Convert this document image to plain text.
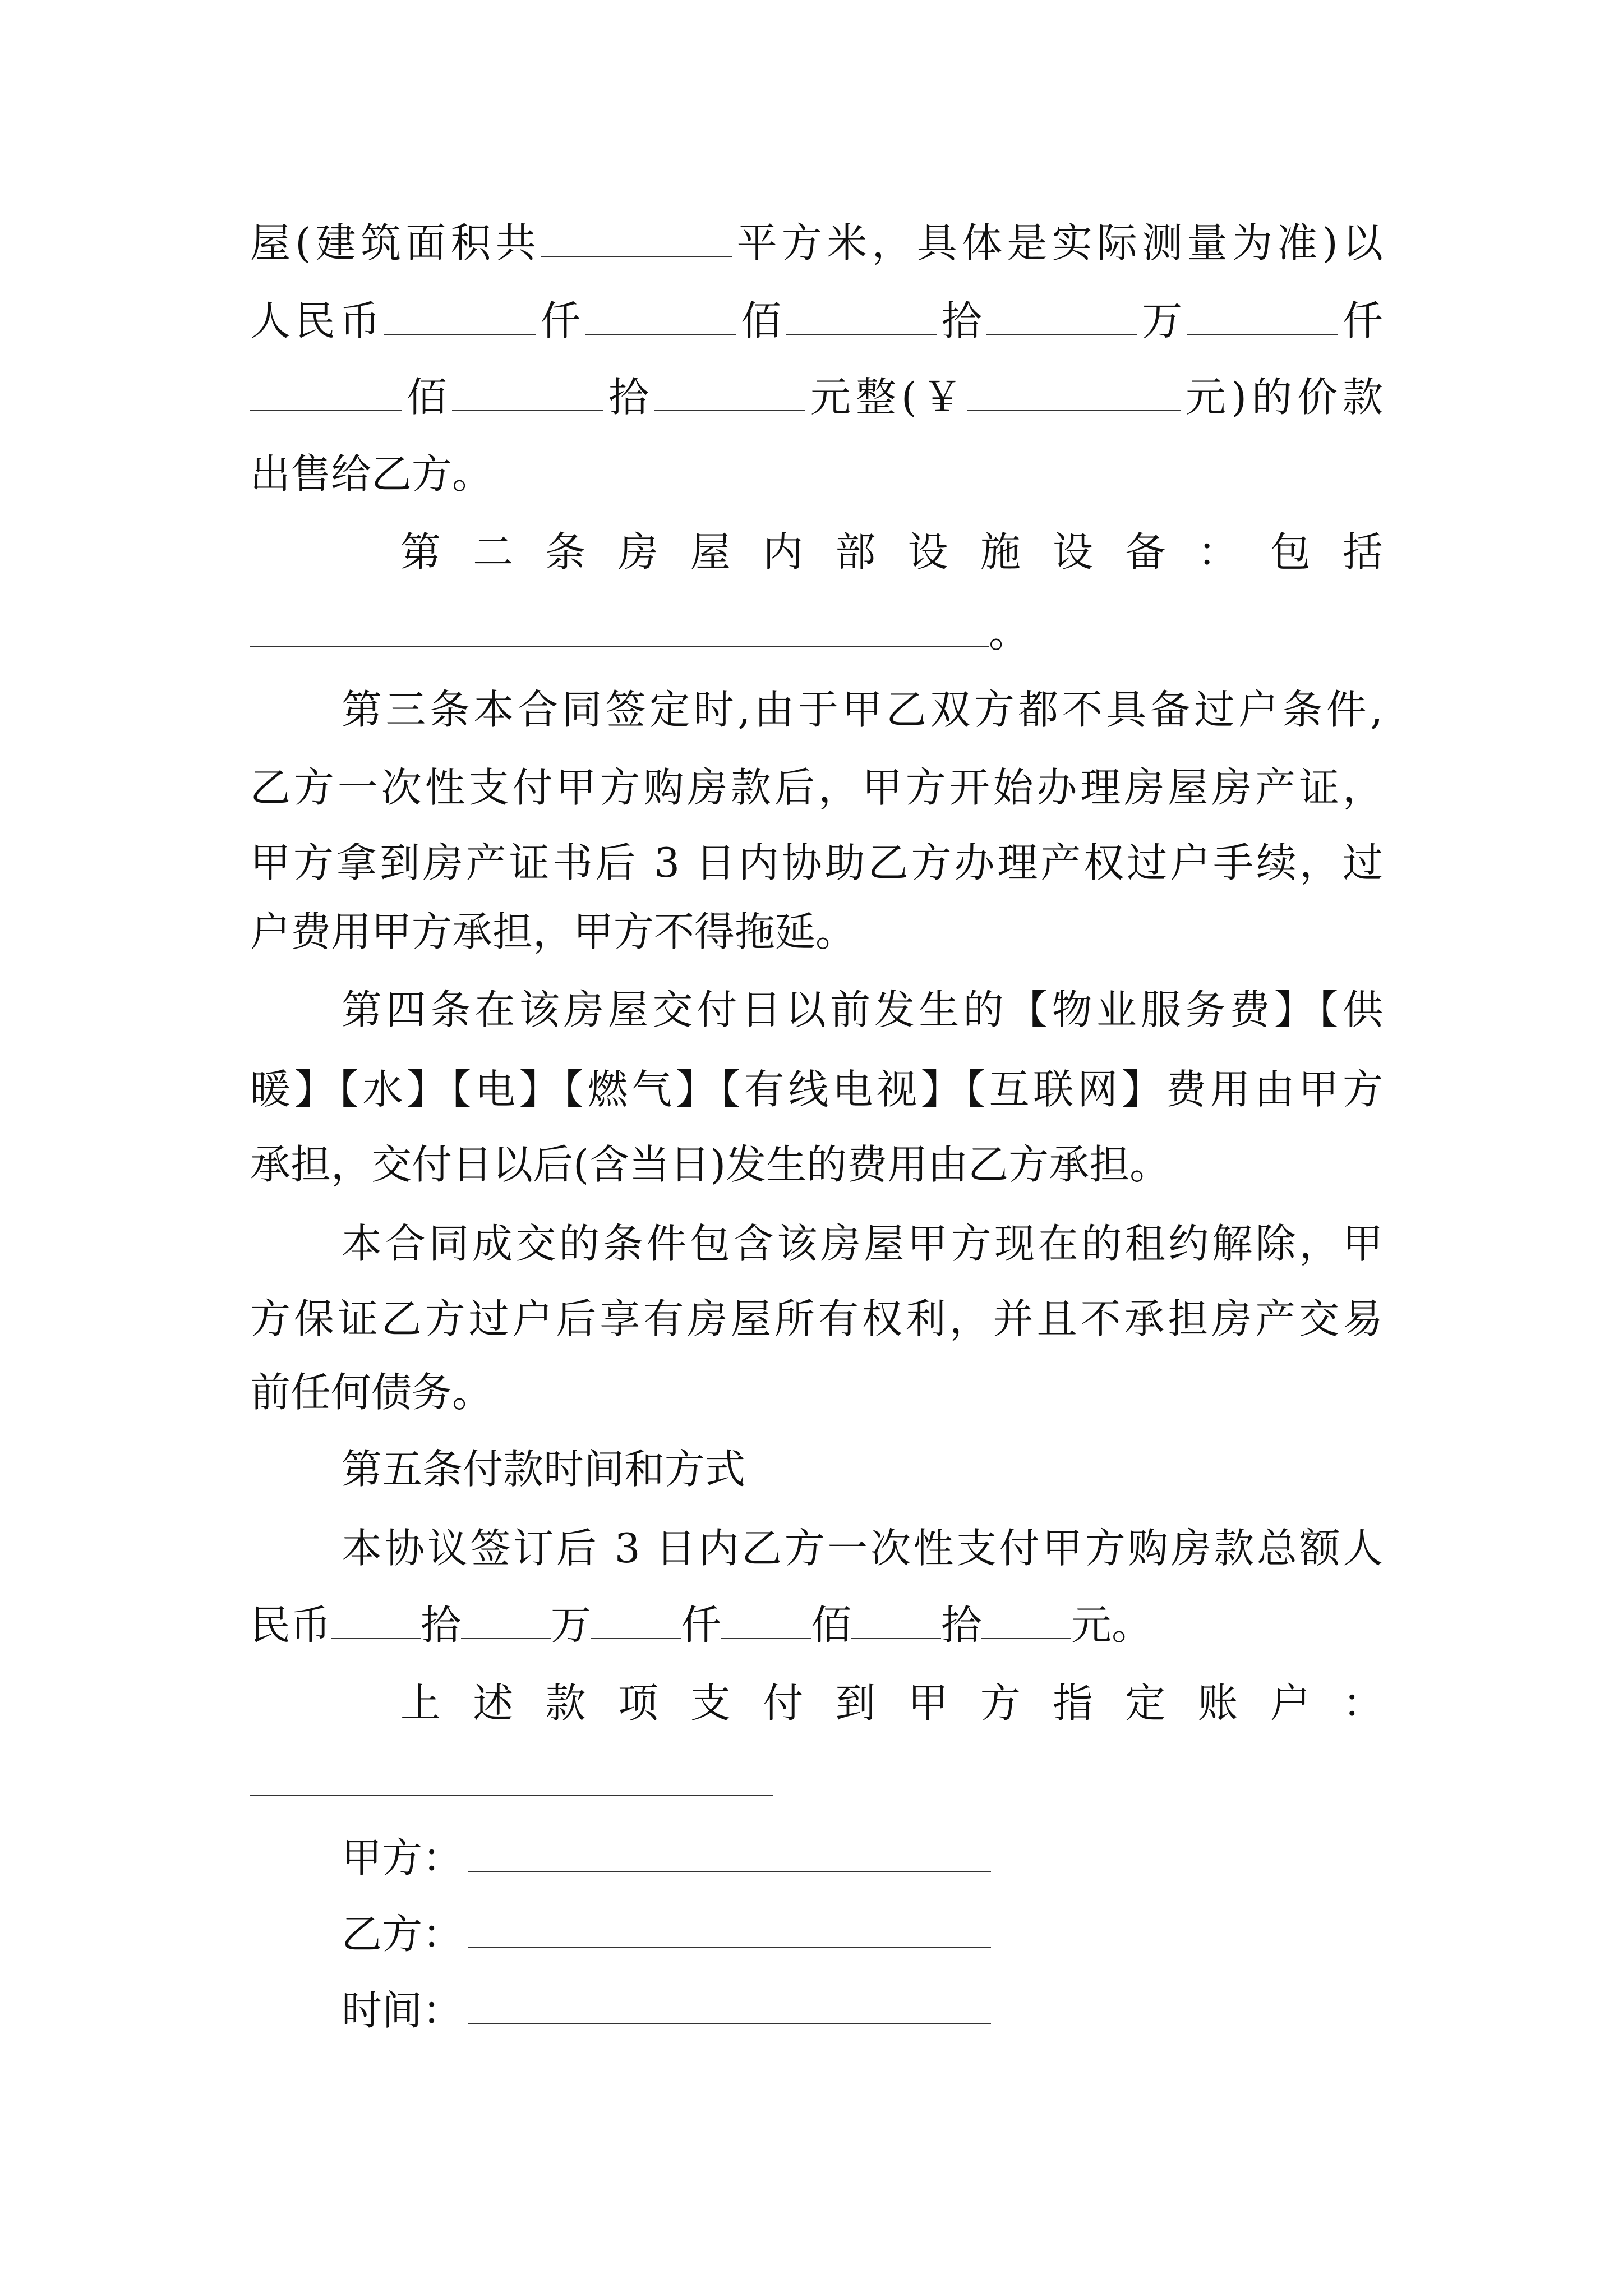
屋(建筑面积共	平方米，具体是实际测量为准)以
人民币	仟	佰	拾	万	仟
佰	拾	元整(￥	元)的价款
出售给乙方。
第二条房屋内部设施设备：包括
。
第三条本合同签定时,由于甲乙双方都不具备过户条件,
乙方一次性支付甲方购房款后，甲方开始办理房屋房产证，
甲方拿到房产证书后 3 日内协助乙方办理产权过户手续，过
户费用甲方承担，甲方不得拖延。
第四条在该房屋交付日以前发生的【物业服务费】【供
暖】【水】【电】【燃气】【有线电视】【互联网】费用由甲方
承担，交付日以后(含当日)发生的费用由乙方承担。
本合同成交的条件包含该房屋甲方现在的租约解除，甲
方保证乙方过户后享有房屋所有权利，并且不承担房产交易
前任何债务。
第五条付款时间和方式
本协议签订后 3 日内乙方一次性支付甲方购房款总额人
民币 拾 万 仟 佰 拾 元。
上述款项支付到甲方指定账户：
甲方：
乙方：
时间：
